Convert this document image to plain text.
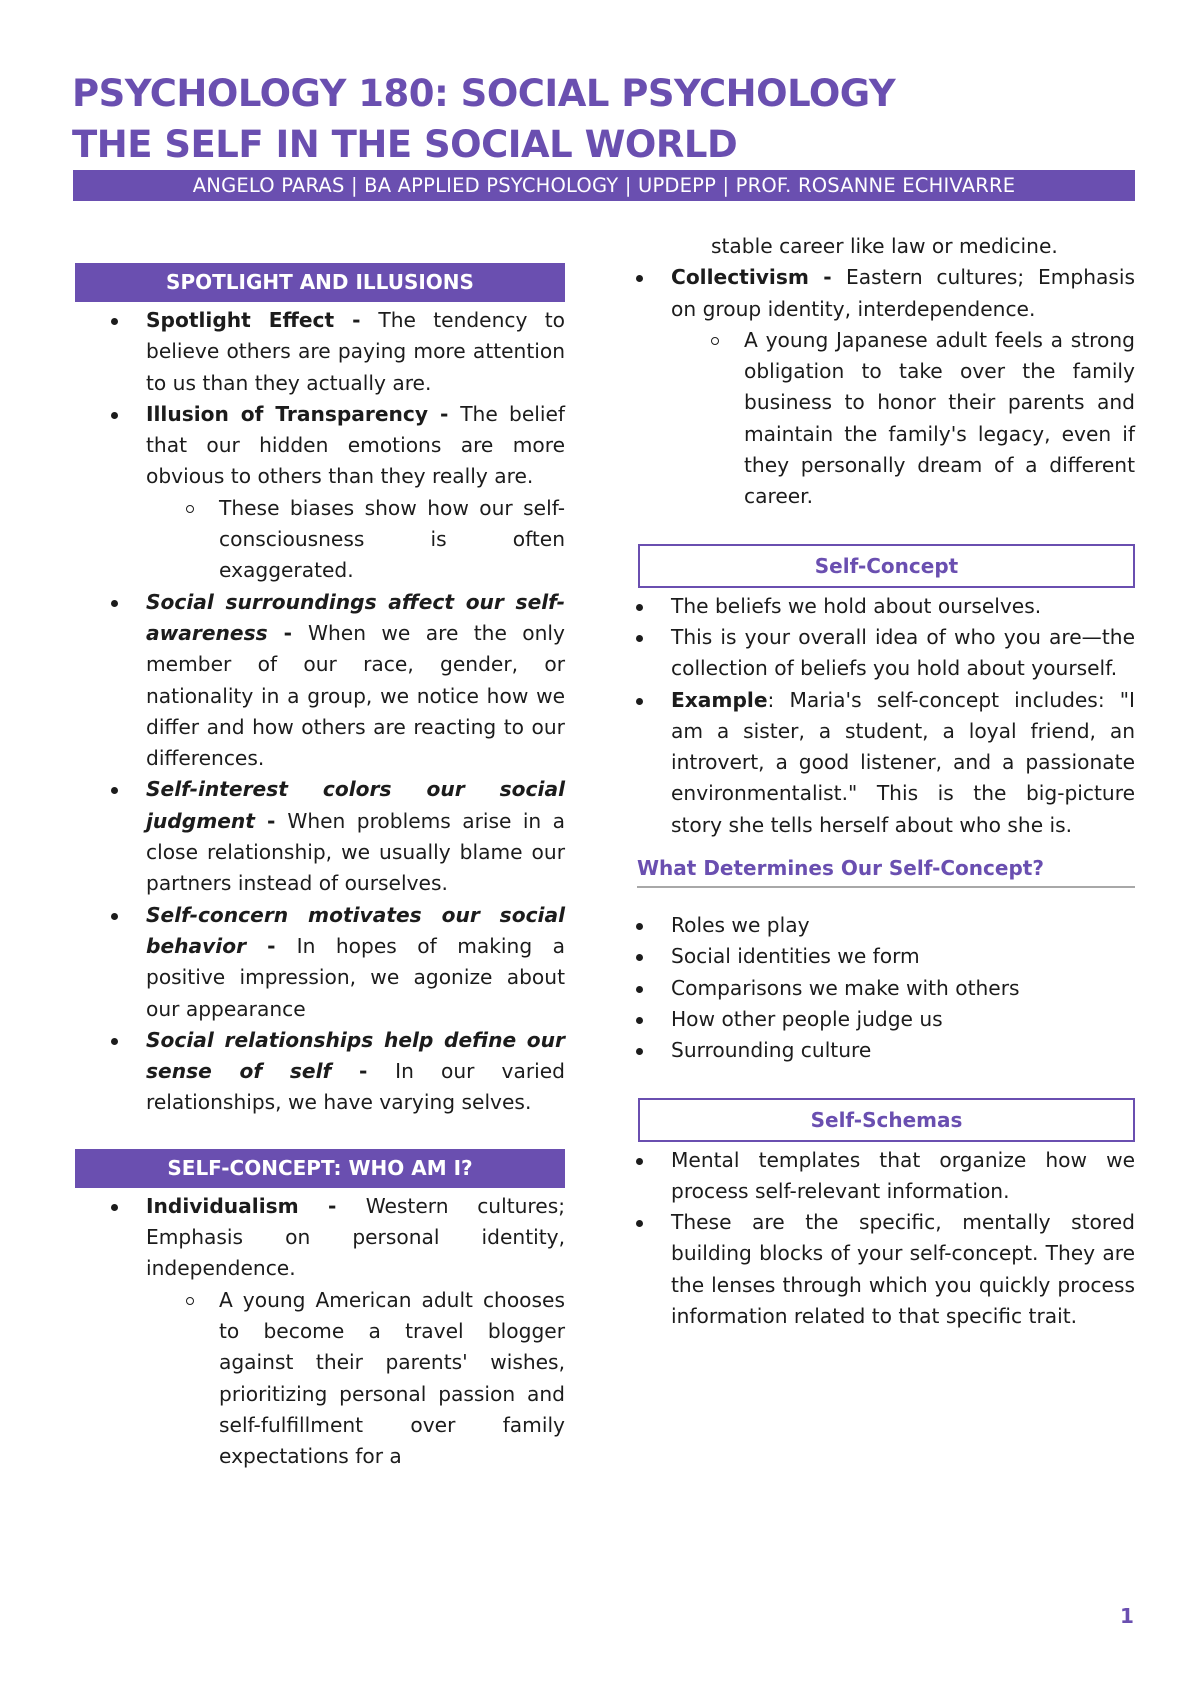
PSYCHOLOGY 180: SOCIAL PSYCHOLOGY
THE SELF IN THE SOCIAL WORLD
ANGELO PARAS | BA APPLIED PSYCHOLOGY | UPDEPP | PROF. ROSANNE ECHIVARRE
SPOTLIGHT AND ILLUSIONS
Spotlight Effect - The tendency to believe others are paying more attention to us than they actually are.
Illusion of Transparency - The belief that our hidden emotions are more obvious to others than they really are.
These biases show how our self-consciousness is often exaggerated.
Social surroundings affect our self-awareness - When we are the only member of our race, gender, or nationality in a group, we notice how we differ and how others are reacting to our differences.
Self-interest colors our social judgment - When problems arise in a close relationship, we usually blame our partners instead of ourselves.
Self-concern motivates our social behavior - In hopes of making a positive impression, we agonize about our appearance
Social relationships help define our sense of self - In our varied relationships, we have varying selves.
SELF-CONCEPT: WHO AM I?
Individualism - Western cultures; Emphasis on personal identity, independence.
A young American adult chooses to become a travel blogger against their parents' wishes, prioritizing personal passion and self-fulfillment over family expectations for a
stable career like law or medicine.
Collectivism - Eastern cultures; Emphasis on group identity, interdependence.
A young Japanese adult feels a strong obligation to take over the family business to honor their parents and maintain the family's legacy, even if they personally dream of a different career.
Self-Concept
The beliefs we hold about ourselves.
This is your overall idea of who you are—the collection of beliefs you hold about yourself.
Example: Maria's self-concept includes: "I am a sister, a student, a loyal friend, an introvert, a good listener, and a passionate environmentalist." This is the big-picture story she tells herself about who she is.
What Determines Our Self-Concept?
Roles we play
Social identities we form
Comparisons we make with others
How other people judge us
Surrounding culture
Self-Schemas
Mental templates that organize how we process self-relevant information.
These are the specific, mentally stored building blocks of your self-concept. They are the lenses through which you quickly process information related to that specific trait.
1
